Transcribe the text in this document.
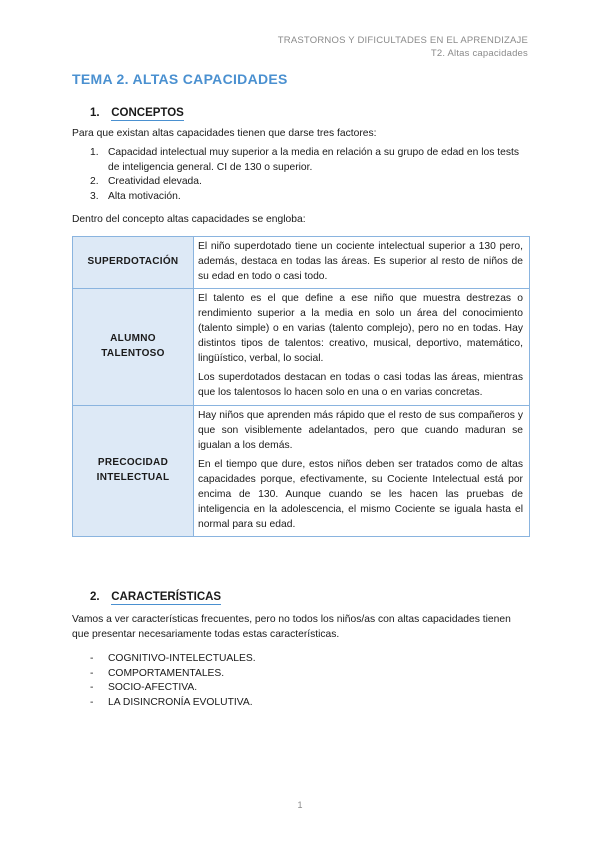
TRASTORNOS Y DIFICULTADES EN EL APRENDIZAJE
T2. Altas capacidades
TEMA 2. ALTAS CAPACIDADES
1. CONCEPTOS
Para que existan altas capacidades tienen que darse tres factores:
1. Capacidad intelectual muy superior a la media en relación a su grupo de edad en los tests de inteligencia general. CI de 130 o superior.
2. Creatividad elevada.
3. Alta motivación.
Dentro del concepto altas capacidades se engloba:
SUPERDOTACIÓN	El niño superdotado tiene un cociente intelectual superior a 130 pero, además, destaca en todas las áreas. Es superior al resto de niños de su edad en todo o casi todo.

ALUMNO TALENTOSO	El talento es el que define a ese niño que muestra destrezas o rendimiento superior a la media en solo un área del conocimiento (talento simple) o en varias (talento complejo), pero no en todas. Hay distintos tipos de talentos: creativo, musical, deportivo, matemático, lingüístico, verbal, lo social.

Los superdotados destacan en todas o casi todas las áreas, mientras que los talentosos lo hacen solo en una o en varias concretas.

PRECOCIDAD INTELECTUAL	Hay niños que aprenden más rápido que el resto de sus compañeros y que son visiblemente adelantados, pero que cuando maduran se igualan a los demás.

En el tiempo que dure, estos niños deben ser tratados como de altas capacidades porque, efectivamente, su Cociente Intelectual está por encima de 130. Aunque cuando se les hacen las pruebas de inteligencia en la adolescencia, el mismo Cociente se iguala hasta el normal para su edad.

2. CARACTERÍSTICAS
Vamos a ver características frecuentes, pero no todos los niños/as con altas capacidades tienen que presentar necesariamente todas estas características.
- COGNITIVO-INTELECTUALES.
- COMPORTAMENTALES.
- SOCIO-AFECTIVA.
- LA DISINCRONÍA EVOLUTIVA.
1
